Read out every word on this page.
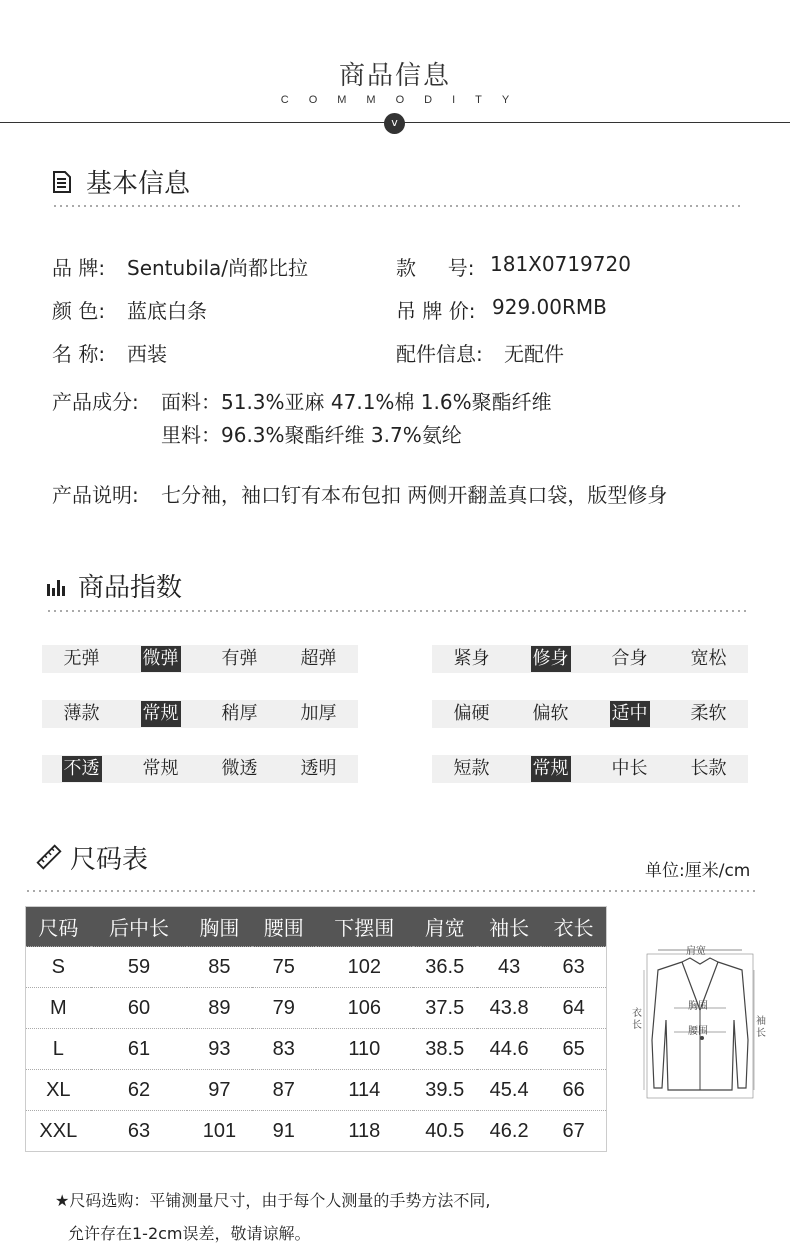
商品信息
COMMODITY
v
基本信息
品 牌: Sentubila/尚都比拉	款     号: 181X0719720
颜 色: 蓝底白条	吊 牌 价: 929.00RMB
名 称: 西装	配件信息: 无配件
产品成分: 面料：51.3%亚麻 47.1%棉 1.6%聚酯纤维
里料：96.3%聚酯纤维 3.7%氨纶
产品说明: 七分袖，袖口钉有本布包扣 两侧开翻盖真口袋，版型修身
商品指数
无弹 微弹 有弹 超弹	紧身 修身 合身 宽松
薄款 常规 稍厚 加厚	偏硬 偏软 适中 柔软
不透 常规 微透 透明	短款 常规 中长 长款
尺码表	单位:厘米/cm
尺码	后中长	胸围	腰围	下摆围	肩宽	袖长	衣长
S	59	85	75	102	36.5	43	63
M	60	89	79	106	37.5	43.8	64
L	61	93	83	110	38.5	44.6	65
XL	62	97	87	114	39.5	45.4	66
XXL	63	101	91	118	40.5	46.2	67
肩宽
胸围
腰围
衣长	袖长
★尺码选购：平铺测量尺寸，由于每个人测量的手势方法不同,
允许存在1-2cm误差，敬请谅解。
